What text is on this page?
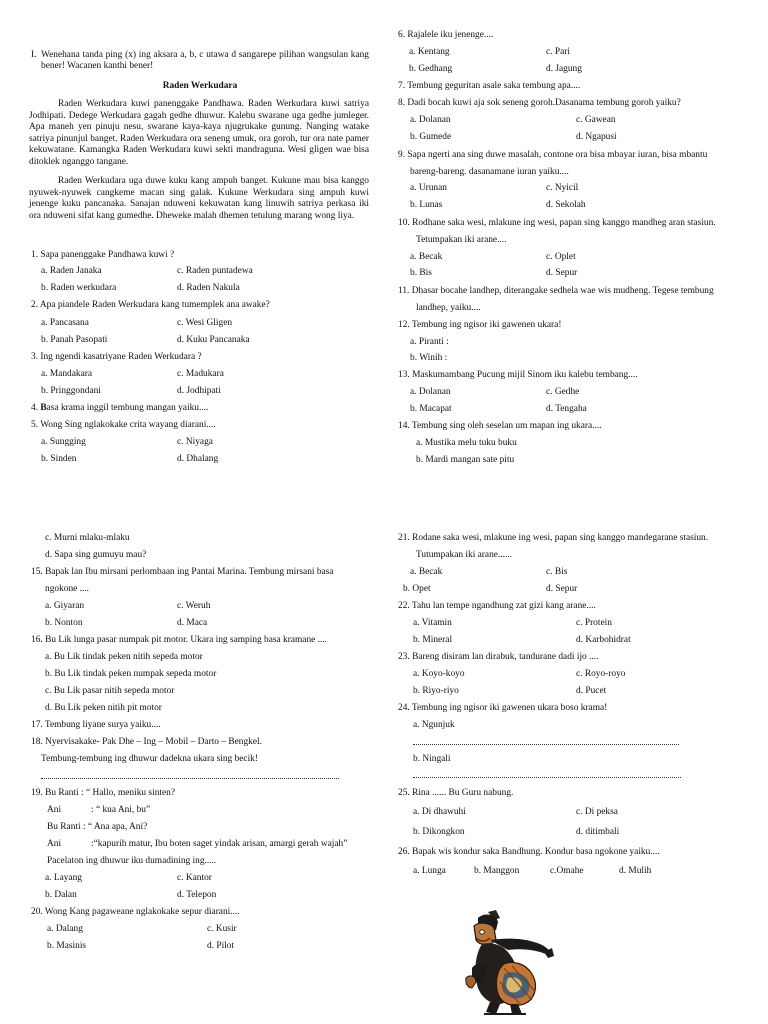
I. Wenehana tanda ping (x) ing aksara a, b, c utawa d sangarepe pilihan wangsulan kang bener! Wacanen kanthi bener!
Raden Werkudara
Raden Werkudara kuwi panenggake Pandhawa. Raden Werkudara kuwi satriya Jodhipati. Dedege Werkudara gagah gedhe dhuwur. Kalebu swarane uga gedhe jumleger. Apa maneh yen pinuju nesu, swarane kaya-kaya njugrukake gunung. Nanging watake satriya pinunjul banget. Raden Werkudara ora seneng umuk, ora goroh, tur ora nate pamer kekuwatane. Kamangka Raden Werkudara kuwi sekti mandraguna. Wesi gligen wae bisa ditoklek nganggo tangane.
Raden Werkudara uga duwe kuku kang ampuh banget. Kukune mau bisa kanggo nyuwek-nyuwek cangkeme macan sing galak. Kukune Werkudara sing ampuh kuwi jenenge kuku pancanaka. Sanajan nduweni kekuwatan kang linuwih satriya perkasa iki ora nduweni sifat kang gumedhe. Dheweke malah dhemen tetulung marang wong liya.
1. Sapa panenggake Pandhawa kuwi ?
a. Raden Janaka	c. Raden puntadewa
b. Raden werkudara	d. Raden Nakula
2. Apa piandele Raden Werkudara kang tumemplek ana awake?
a. Pancasana	c. Wesi Gligen
b. Panah Pasopati	d. Kuku Pancanaka
3. Ing ngendi kasatriyane Raden Werkudara ?
a. Mandakara	c. Madukara
b. Pringgondani	d. Jodhipati
4. Basa krama inggil tembung mangan yaiku....
5. Wong Sing nglakokake crita wayang diarani....
a. Sungging	c. Niyaga
b. Sinden	d. Dhalang
6. Rajalele iku jenenge....
a. Kentang	c. Pari
b. Gedhang	d. Jagung
7. Tembung geguritan asale saka tembung apa....
8. Dadi bocah kuwi aja sok seneng goroh.Dasanama tembung goroh yaiku?
a. Dolanan	c. Gawean
b. Gumede	d. Ngapusi
9. Sapa ngerti ana sing duwe masalah, contone ora bisa mbayar iuran, bisa mbantu
bareng-bareng. dasanamane iuran yaiku....
a. Urunan	c. Nyicil
b. Lunas	d. Sekolah
10. Rodhane saka wesi, mlakune ing wesi, papan sing kanggo mandheg aran stasiun.
Tetumpakan iki arane....
a. Becak	c. Oplet
b. Bis	d. Sepur
11. Dhasar bocahe landhep, diterangake sedhela wae wis mudheng. Tegese tembung
landhep, yaiku....
12. Tembung ing ngisor iki gawenen ukara!
a. Piranti :
b. Winih :
13. Maskumambang Pucung mijil Sinom iku kalebu tembang....
a. Dolanan	c. Gedhe
b. Macapat	d. Tengaha
14. Tembung sing oleh seselan um mapan ing ukara....
a. Mustika melu tuku buku
b. Mardi mangan sate pitu
c. Murni mlaku-mlaku
d. Sapa sing gumuyu mau?
15. Bapak lan Ibu mirsani perlombaan ing Pantai Marina. Tembung mirsani basa
ngokone ....
a. Giyaran	c. Weruh
b. Nonton	d. Maca
16. Bu Lik lunga pasar numpak pit motor. Ukara ing samping basa kramane ....
a. Bu Lik tindak peken nitih sepeda motor
b. Bu Lik tindak peken numpak sepeda motor
c. Bu Lik pasar nitih sepeda motor
d. Bu Lik peken nitih pit motor
17. Tembung liyane surya yaiku....
18. Nyervisakake- Pak Dhe – Ing – Mobil – Darto – Bengkel.
Tembung-tembung ing dhuwur dadekna ukara sing becik!
19. Bu Ranti : “ Hallo, meniku sinten?
Ani	: “ kua Ani, bu”
Bu Ranti : “ Ana apa, Ani?
Ani	:“kapurih matur, Ibu boten saget yindak arisan, amargi gerah wajah”
Pacelaton ing dhuwur iku dumadining ing.....
a. Layang	c. Kantor
b. Dalan	d. Telepon
20. Wong Kang pagaweane nglakokake sepur diarani....
a. Dalang	c. Kusir
b. Masinis	d. Pilot
21. Rodane saka wesi, mlakune ing wesi, papan sing kanggo mandegarane stasiun.
Tutumpakan iki arane......
a. Becak	c. Bis
b. Opet	d. Sepur
22. Tahu lan tempe ngandhung zat gizi kang arane....
a. Vitamin	c. Protein
b. Mineral	d. Karbohidrat
23. Bareng disiram lan dirabuk, tandurane dadi ijo ....
a. Koyo-koyo	c. Royo-royo
b. Riyo-riyo	d. Pucet
24. Tembung ing ngisor iki gawenen ukara boso krama!
a. Ngunjuk
b. Ningali
25. Rina ...... Bu Guru nabung.
a. Di dhawuhi	c. Di peksa
b. Dikongkon	d. ditimbali
26. Bapak wis kondur saka Bandhung. Kondur basa ngokone yaiku....
a. Lunga	b. Manggon	c.Omahe	d. Mulih
